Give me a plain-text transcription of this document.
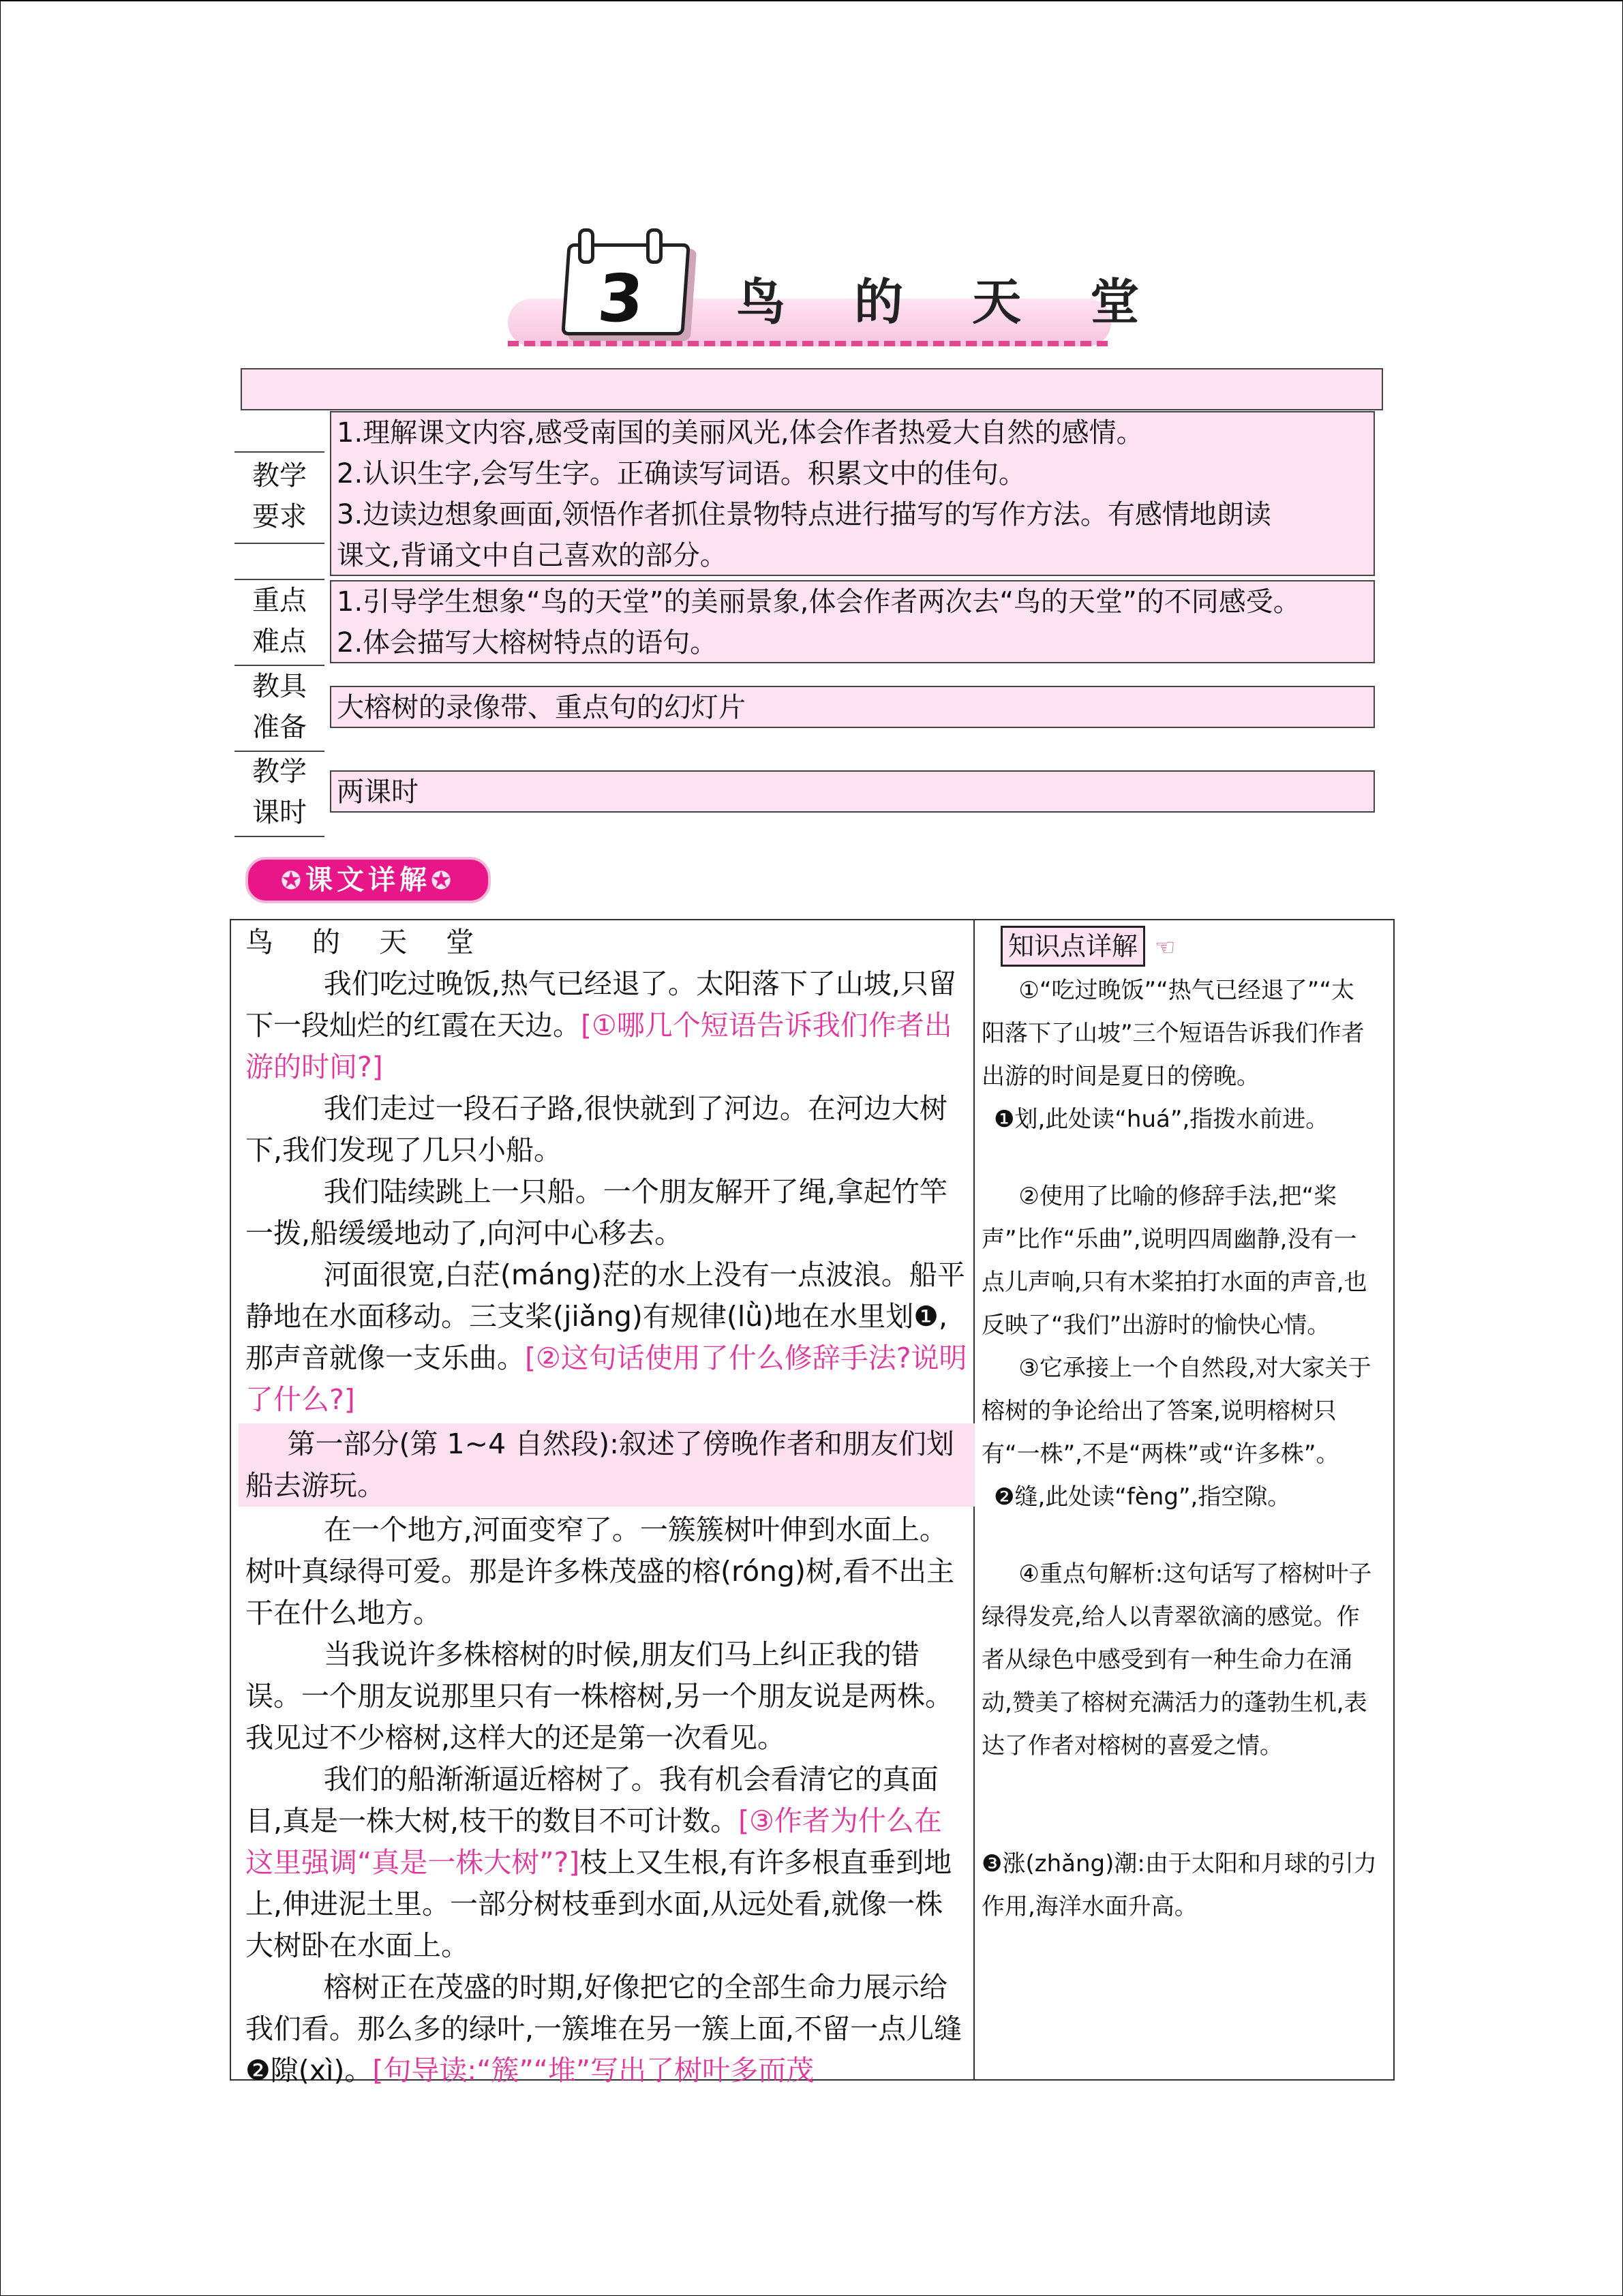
3 鸟 的 天 堂
教学
要求
1.理解课文内容,感受南国的美丽风光,体会作者热爱大自然的感情。
2.认识生字,会写生字。正确读写词语。积累文中的佳句。
3.边读边想象画面,领悟作者抓住景物特点进行描写的写作方法。有感情地朗读
课文,背诵文中自己喜欢的部分。
重点
难点
1.引导学生想象“鸟的天堂”的美丽景象,体会作者两次去“鸟的天堂”的不同感受。
2.体会描写大榕树特点的语句。
教具
准备
大榕树的录像带、重点句的幻灯片
教学
课时
两课时
✪课文详解✪

鸟 的 天 堂

我们吃过晚饭,热气已经退了。太阳落下了山坡,只留下一段灿烂的红霞在天边。[①哪几个短语告诉我们作者出游的时间?]

我们走过一段石子路,很快就到了河边。在河边大树下,我们发现了几只小船。

我们陆续跳上一只船。一个朋友解开了绳,拿起竹竿一拨,船缓缓地动了,向河中心移去。

河面很宽,白茫(máng)茫的水上没有一点波浪。船平静地在水面移动。三支桨(jiǎng)有规律(lǜ)地在水里划❶,那声音就像一支乐曲。[②这句话使用了什么修辞手法?说明了什么?]

第一部分(第 1~4 自然段):叙述了傍晚作者和朋友们划船去游玩。

在一个地方,河面变窄了。一簇簇树叶伸到水面上。树叶真绿得可爱。那是许多株茂盛的榕(róng)树,看不出主干在什么地方。

当我说许多株榕树的时候,朋友们马上纠正我的错误。一个朋友说那里只有一株榕树,另一个朋友说是两株。我见过不少榕树,这样大的还是第一次看见。

我们的船渐渐逼近榕树了。我有机会看清它的真面目,真是一株大树,枝干的数目不可计数。[③作者为什么在这里强调“真是一株大树”?]枝上又生根,有许多根直垂到地上,伸进泥土里。一部分树枝垂到水面,从远处看,就像一株大树卧在水面上。

榕树正在茂盛的时期,好像把它的全部生命力展示给我们看。那么多的绿叶,一簇堆在另一簇上面,不留一点儿缝❷隙(xì)。[句导读:“簇”“堆”写出了树叶多而茂

知识点详解 ☜

①“吃过晚饭”“热气已经退了”“太阳落下了山坡”三个短语告诉我们作者出游的时间是夏日的傍晚。

❶划,此处读“huá”,指拨水前进。

②使用了比喻的修辞手法,把“桨声”比作“乐曲”,说明四周幽静,没有一点儿声响,只有木桨拍打水面的声音,也反映了“我们”出游时的愉快心情。

③它承接上一个自然段,对大家关于榕树的争论给出了答案,说明榕树只有“一株”,不是“两株”或“许多株”。

❷缝,此处读“fèng”,指空隙。

④重点句解析:这句话写了榕树叶子绿得发亮,给人以青翠欲滴的感觉。作者从绿色中感受到有一种生命力在涌动,赞美了榕树充满活力的蓬勃生机,表达了作者对榕树的喜爱之情。

❸涨(zhǎng)潮:由于太阳和月球的引力作用,海洋水面升高。
